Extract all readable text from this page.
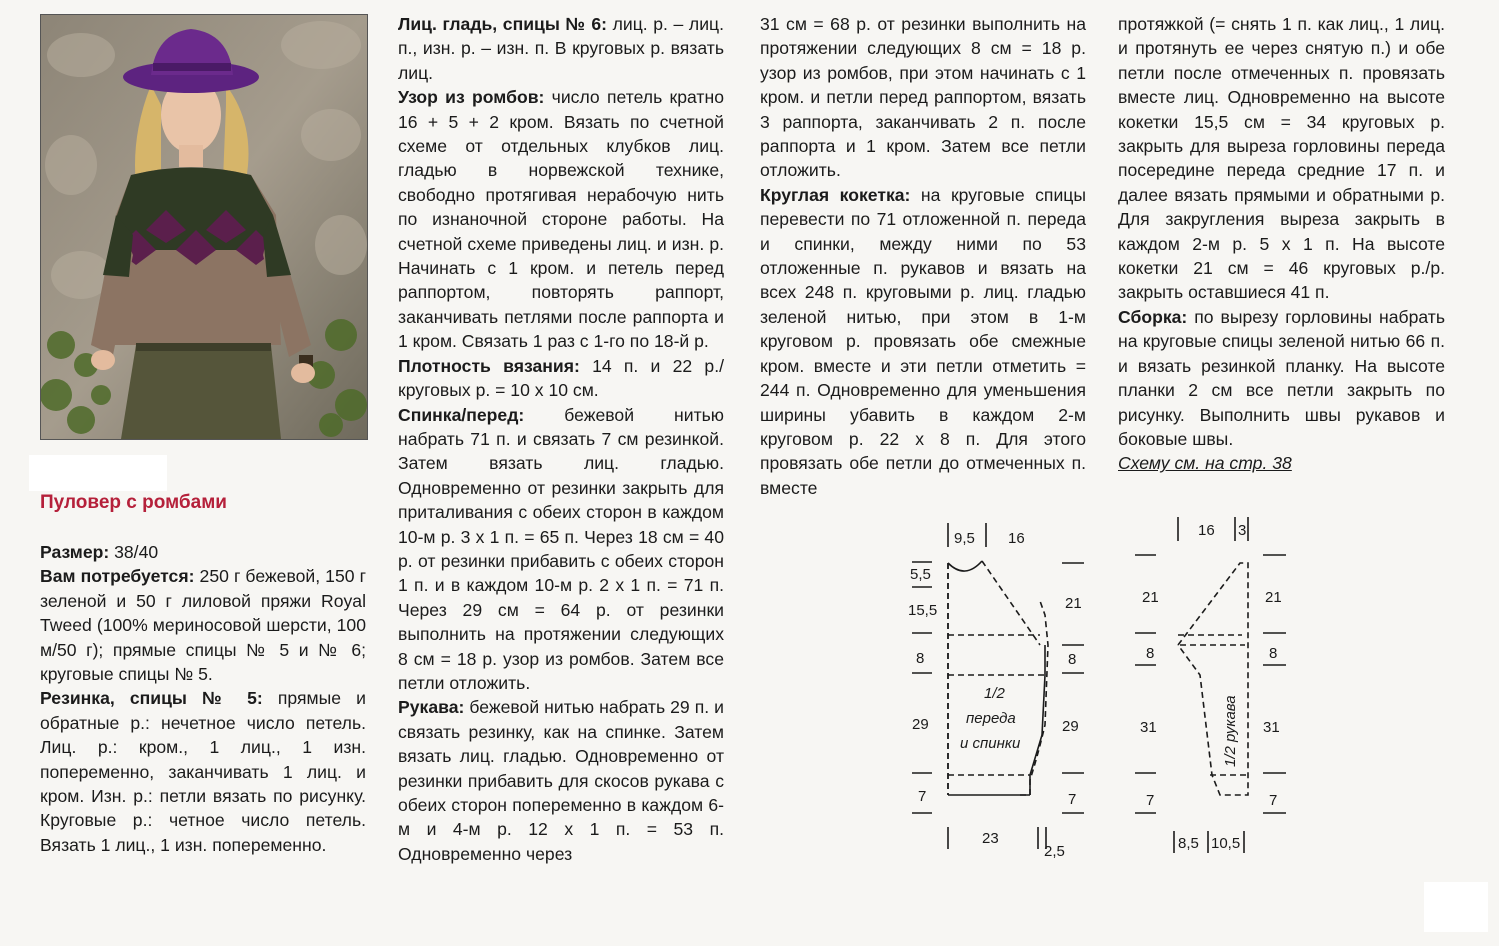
Пуловер с ромбами

Размер: 38/40

Вам потребуется: 250 г бежевой, 150 г зеленой и 50 г лиловой пряжи Royal Tweed (100% мериносовой шерсти, 100 м/50 г); прямые спицы № 5 и № 6; круговые спицы № 5.

Резинка, спицы № 5: прямые и обратные р.: нечетное число петель. Лиц. р.: кром., 1 лиц., 1 изн. попеременно, заканчивать 1 лиц. и кром. Изн. р.: петли вязать по рисунку. Круговые р.: четное число петель. Вязать 1 лиц., 1 изн. попеременно.

Лиц. гладь, спицы № 6: лиц. р. – лиц. п., изн. р. – изн. п. В круговых р. вязать лиц.

Узор из ромбов: число петель кратно 16 + 5 + 2 кром. Вязать по счетной схеме от отдельных клубков лиц. гладью в норвежской технике, свободно протягивая нерабочую нить по изнаночной стороне работы. На счетной схеме приведены лиц. и изн. р. Начинать с 1 кром. и петель перед раппортом, повторять раппорт, заканчивать петлями после раппорта и 1 кром. Связать 1 раз с 1-го по 18-й р.

Плотность вязания: 14 п. и 22 р./ круговых р. = 10 х 10 см.

Спинка/перед: бежевой нитью набрать 71 п. и связать 7 см резинкой. Затем вязать лиц. гладью. Одновременно от резинки закрыть для приталивания с обеих сторон в каждом 10-м р. 3 х 1 п. = 65 п. Через 18 см = 40 р. от резинки прибавить с обеих сторон 1 п. и в каждом 10-м р. 2 х 1 п. = 71 п. Через 29 см = 64 р. от резинки выполнить на протяжении следующих 8 см = 18 р. узор из ромбов. Затем все петли отложить.

Рукава: бежевой нитью набрать 29 п. и связать резинку, как на спинке. Затем вязать лиц. гладью. Одновременно от резинки прибавить для скосов рукава с обеих сторон попеременно в каждом 6-м и 4-м р. 12 х 1 п. = 53 п. Одновременно через

31 см = 68 р. от резинки выполнить на протяжении следующих 8 см = 18 р. узор из ромбов, при этом начинать с 1 кром. и петли перед раппортом, вязать 3 раппорта, заканчивать 2 п. после раппорта и 1 кром. Затем все петли отложить.

Круглая кокетка: на круговые спицы перевести по 71 отложенной п. переда и спинки, между ними по 53 отложенные п. рукавов и вязать на всех 248 п. круговыми р. лиц. гладью зеленой нитью, при этом в 1-м круговом р. провязать обе смежные кром. вместе и эти петли отметить = 244 п. Одновременно для уменьшения ширины убавить в каждом 2-м круговом р. 22 х 8 п. Для этого провязать обе петли до отмеченных п. вместе

протяжкой (= снять 1 п. как лиц., 1 лиц. и протянуть ее через снятую п.) и обе петли после отмеченных п. провязать вместе лиц. Одновременно на высоте кокетки 15,5 см = 34 круговых р. закрыть для выреза горловины переда посередине переда средние 17 п. и далее вязать прямыми и обратными р. Для закругления выреза закрыть в каждом 2-м р. 5 х 1 п. На высоте кокетки 21 см = 46 круговых р./р. закрыть оставшиеся 41 п.

Сборка: по вырезу горловины набрать на круговые спицы зеленой нитью 66 п. и вязать резинкой планку. На высоте планки 2 см все петли закрыть по рисунку. Выполнить швы рукавов и боковые швы.

Схему см. на стр. 38

9,5 16
5,5
15,5
8
29
7
21
8
29
7
1/2
переда
и спинки
23
2,5
16 3
21
8
31
7
21
8
31
7
1/2 рукава
8,5 10,5
